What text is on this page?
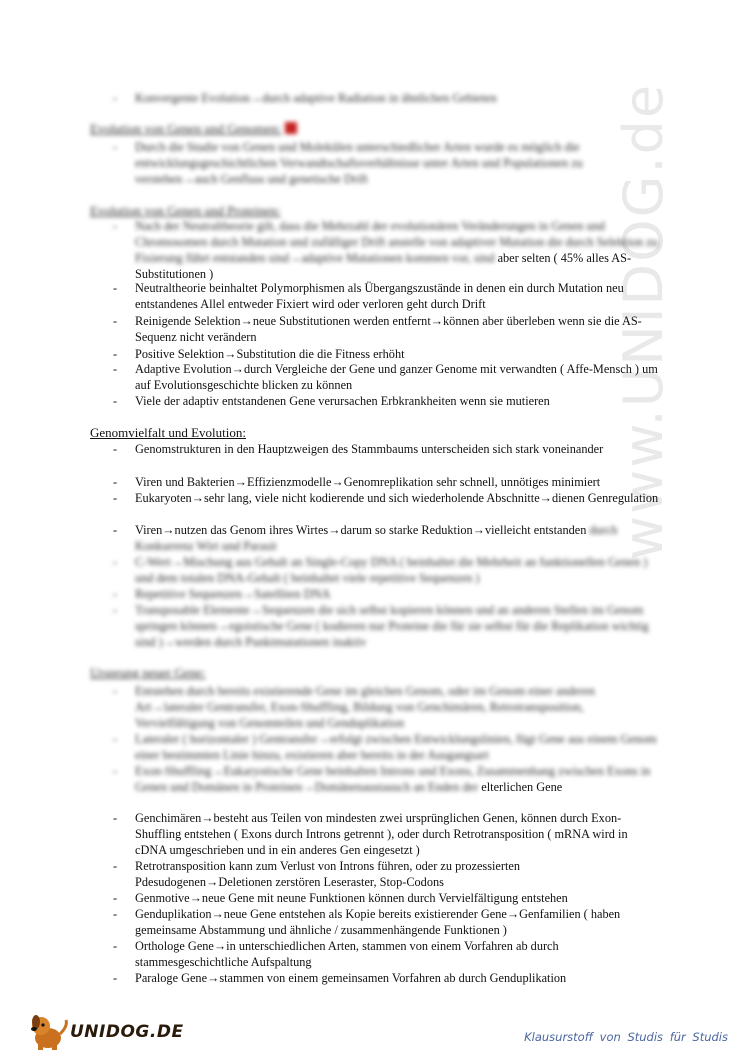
www.UNIDOG.de
- Konvergente Evolution→durch adaptive Radiation in ähnlichen Gebieten
Evolution von Genen und Genomen:
- Durch die Studie von Genen und Molekülen unterschiedlicher Arten wurde es möglich die entwicklungsgeschichtlichen Verwandtschaftsverhältnisse unter Arten und Populationen zu verstehen→auch Genfluss und genetische Drift
Evolution von Genen und Proteinen:
- Nach der Neutraltheorie gilt, dass die Mehrzahl der evolutionären Veränderungen in Genen und Chromosomen durch Mutation und zufälliger Drift anstelle von adaptiver Mutation die durch Selektion zu Fixierung führt entstanden sind→adaptive Mutationen kommen vor, sind aber selten ( 45% alles AS-Substitutionen )
- Neutraltheorie beinhaltet Polymorphismen als Übergangszustände in denen ein durch Mutation neu entstandenes Allel entweder Fixiert wird oder verloren geht durch Drift
- Reinigende Selektion→neue Substitutionen werden entfernt→können aber überleben wenn sie die AS-Sequenz nicht verändern
- Positive Selektion→Substitution die die Fitness erhöht
- Adaptive Evolution→durch Vergleiche der Gene und ganzer Genome mit verwandten ( Affe-Mensch ) um auf Evolutionsgeschichte blicken zu können
- Viele der adaptiv entstandenen Gene verursachen Erbkrankheiten wenn sie mutieren
Genomvielfalt und Evolution:
- Genomstrukturen in den Hauptzweigen des Stammbaums unterscheiden sich stark voneinander
- Viren und Bakterien→Effizienzmodelle→Genomreplikation sehr schnell, unnötiges minimiert
- Eukaryoten→sehr lang, viele nicht kodierende und sich wiederholende Abschnitte→dienen Genregulation
- Viren→nutzen das Genom ihres Wirtes→darum so starke Reduktion→vielleicht entstanden durch Konkurrenz Wirt und Parasit
- C-Wert→Mischung aus Gehalt an Single-Copy DNA ( beinhaltet die Mehrheit an funktionellen Genen ) und dem totalen DNA-Gehalt ( beinhaltet viele repetitive Sequenzen )
- Repetitive Sequenzen→Satelliten DNA
- Transposable Elemente→Sequenzen die sich selbst kopieren können und an anderen Stellen im Genom springen können→egoistische Gene ( kodieren nur Proteine die für sie selbst für die Replikation wichtig sind )→werden durch Punktmutationen inaktiv
Ursprung neuer Gene:
- Entstehen durch bereits existierende Gene im gleichen Genom, oder im Genom einer anderen Art→lateraler Gentransfer, Exon-Shuffling, Bildung von Genchimären, Retrotransposition, Vervielfältigung von Genomteilen und Genduplikation
- Lateraler ( horizontaler ) Gentransfer→erfolgt zwischen Entwicklungslinien, fügt Gene aus einem Genom einer bestimmten Linie hinzu, existieren aber bereits in der Ausgangsart
- Exon-Shuffling→Eukaryotische Gene beinhalten Introns und Exons, Zusammenhang zwischen Exons in Genen und Domänen in Proteinen→Domänenaustausch an Enden der elterlichen Gene
- Genchimären→besteht aus Teilen von mindesten zwei ursprünglichen Genen, können durch Exon-Shuffling entstehen ( Exons durch Introns getrennt ), oder durch Retrotransposition ( mRNA wird in cDNA umgeschrieben und in ein anderes Gen eingesetzt )
- Retrotransposition kann zum Verlust von Introns führen, oder zu prozessierten Pdesudogenen→Deletionen zerstören Leseraster, Stop-Codons
- Genmotive→neue Gene mit neune Funktionen können durch Vervielfältigung entstehen
- Genduplikation→neue Gene entstehen als Kopie bereits existierender Gene→Genfamilien ( haben gemeinsame Abstammung und ähnliche / zusammenhängende Funktionen )
- Orthologe Gene→in unterschiedlichen Arten, stammen von einem Vorfahren ab durch stammesgeschichtliche Aufspaltung
- Paraloge Gene→stammen von einem gemeinsamen Vorfahren ab durch Genduplikation
UNIDOG.DE	Klausurstoff von Studis für Studis
